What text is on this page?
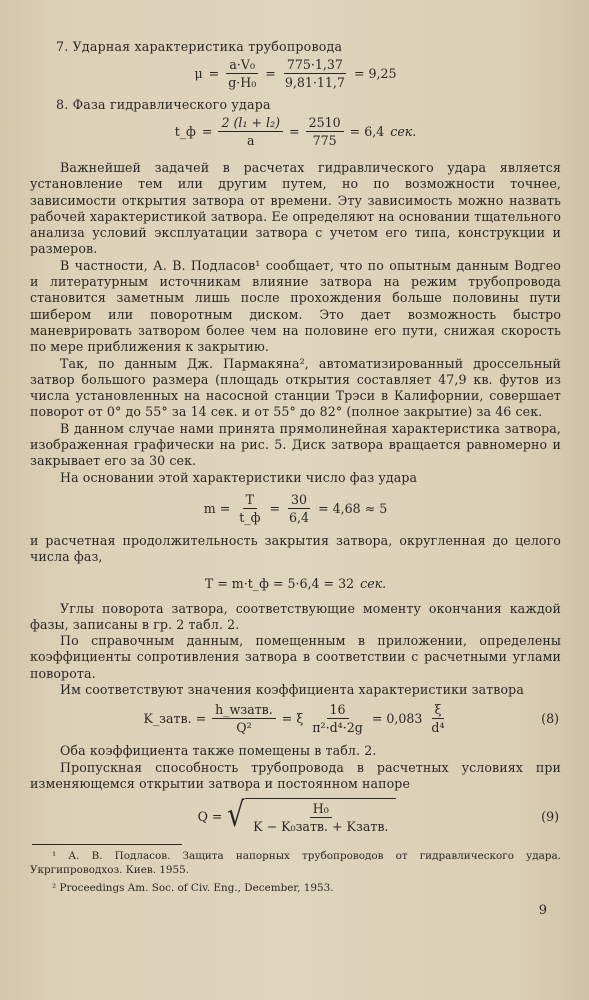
7. Ударная характеристика трубопровода
$\mu = \frac{\text{a·V₀}}{\text{g·H₀}} = \frac{775\cdot 1,37}{9,81\cdot 11,7} = 9,25$
8. Фаза гидравлического удара
t_ф = $\frac{\text{2 (l₁ + l₂)}}{a} = \frac{2510}{775} = 6,4$ сек.

Важнейшей задачей в расчетах гидравлического удара является установление тем или другим путем, но по возможности точнее, зависимости открытия затвора от времени. Эту зависимость можно назвать рабочей характеристикой затвора. Ее определяют на основании тщательного анализа условий эксплуатации затвора с учетом его типа, конструкции и размеров.

В частности, А. В. Подласов¹ сообщает, что по опытным данным Водгео и литературным источникам влияние затвора на режим трубопровода становится заметным лишь после прохождения больше половины пути шибером или поворотным диском. Это дает возможность быстро маневрировать затвором более чем на половине его пути, снижая скорость по мере приближения к закрытию.

Так, по данным Дж. Пармакяна², автоматизированный дроссельный затвор большого размера (площадь открытия составляет 47,9 кв. футов из числа установленных на насосной станции Трэси в Калифорнии, совершает поворот от 0° до 55° за 14 сек. и от 55° до 82° (полное закрытие) за 46 сек.

В данном случае нами принята прямолинейная характеристика затвора, изображенная графически на рис. 5. Диск затвора вращается равномерно и закрывает его за 30 сек.

На основании этой характеристики число фаз удара

$m = \frac{T}{t\_ф} = \frac{30}{6,4} = 4,68 \approx 5$

и расчетная продолжительность закрытия затвора, округленная до целого числа фаз,

T = m·t_ф = 5·6,4 = 32 сек.

Углы поворота затвора, соответствующие моменту окончания каждой фазы, записаны в гр. 2 табл. 2.

По справочным данным, помещенным в приложении, определены коэффициенты сопротивления затвора в соответствии с расчетными углами поворота.

Им соответствуют значения коэффициента характеристики затвора

K_затв. = $\frac{\text{h\_wзатв.}}{\text{Q²}} = \xi \frac{16}{\text{π²·d⁴·2g}} = 0,083 \frac{\xi}{\text{d⁴}}$	(8)

Оба коэффициента также помещены в табл. 2.

Пропускная способность трубопровода в расчетных условиях при изменяющемся открытии затвора и постоянном напоре

Q = √ $\frac{\text{H₀}}{\text{K − K₀затв. + Kзатв.}}$	(9)

¹ А. В. Подласов. Защита напорных трубопроводов от гидравлического удара. Укргипроводхоз. Киев. 1955.

² Proceedings Am. Soc. of Civ. Eng., December, 1953.

9
